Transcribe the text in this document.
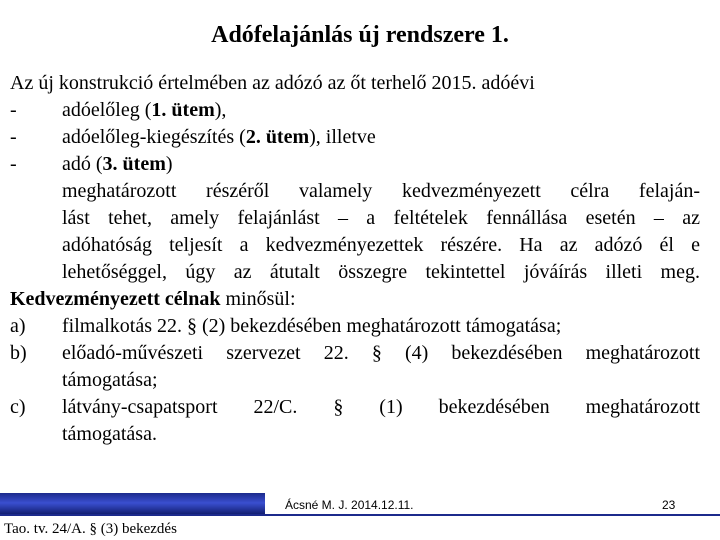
Adófelajánlás új rendszere 1.
Az új konstrukció értelmében az adózó az őt terhelő 2015. adóévi
-	adóelőleg (1. ütem),
-	adóelőleg-kiegészítés (2. ütem), illetve
-	adó (3. ütem)
meghatározott részéről valamely kedvezményezett célra felaján-
lást tehet, amely felajánlást – a feltételek fennállása esetén – az
adóhatóság teljesít a kedvezményezettek részére. Ha az adózó él e
lehetőséggel, úgy az átutalt összegre tekintettel jóváírás illeti meg.
Kedvezményezett célnak minősül:
a)	filmalkotás 22. § (2) bekezdésében meghatározott támogatása;
b)	előadó-művészeti szervezet 22. § (4) bekezdésében meghatározott
támogatása;
c)	látvány-csapatsport 22/C. § (1) bekezdésében meghatározott
támogatása.
Ácsné M. J. 2014.12.11.	23
Tao. tv. 24/A. § (3) bekezdés
